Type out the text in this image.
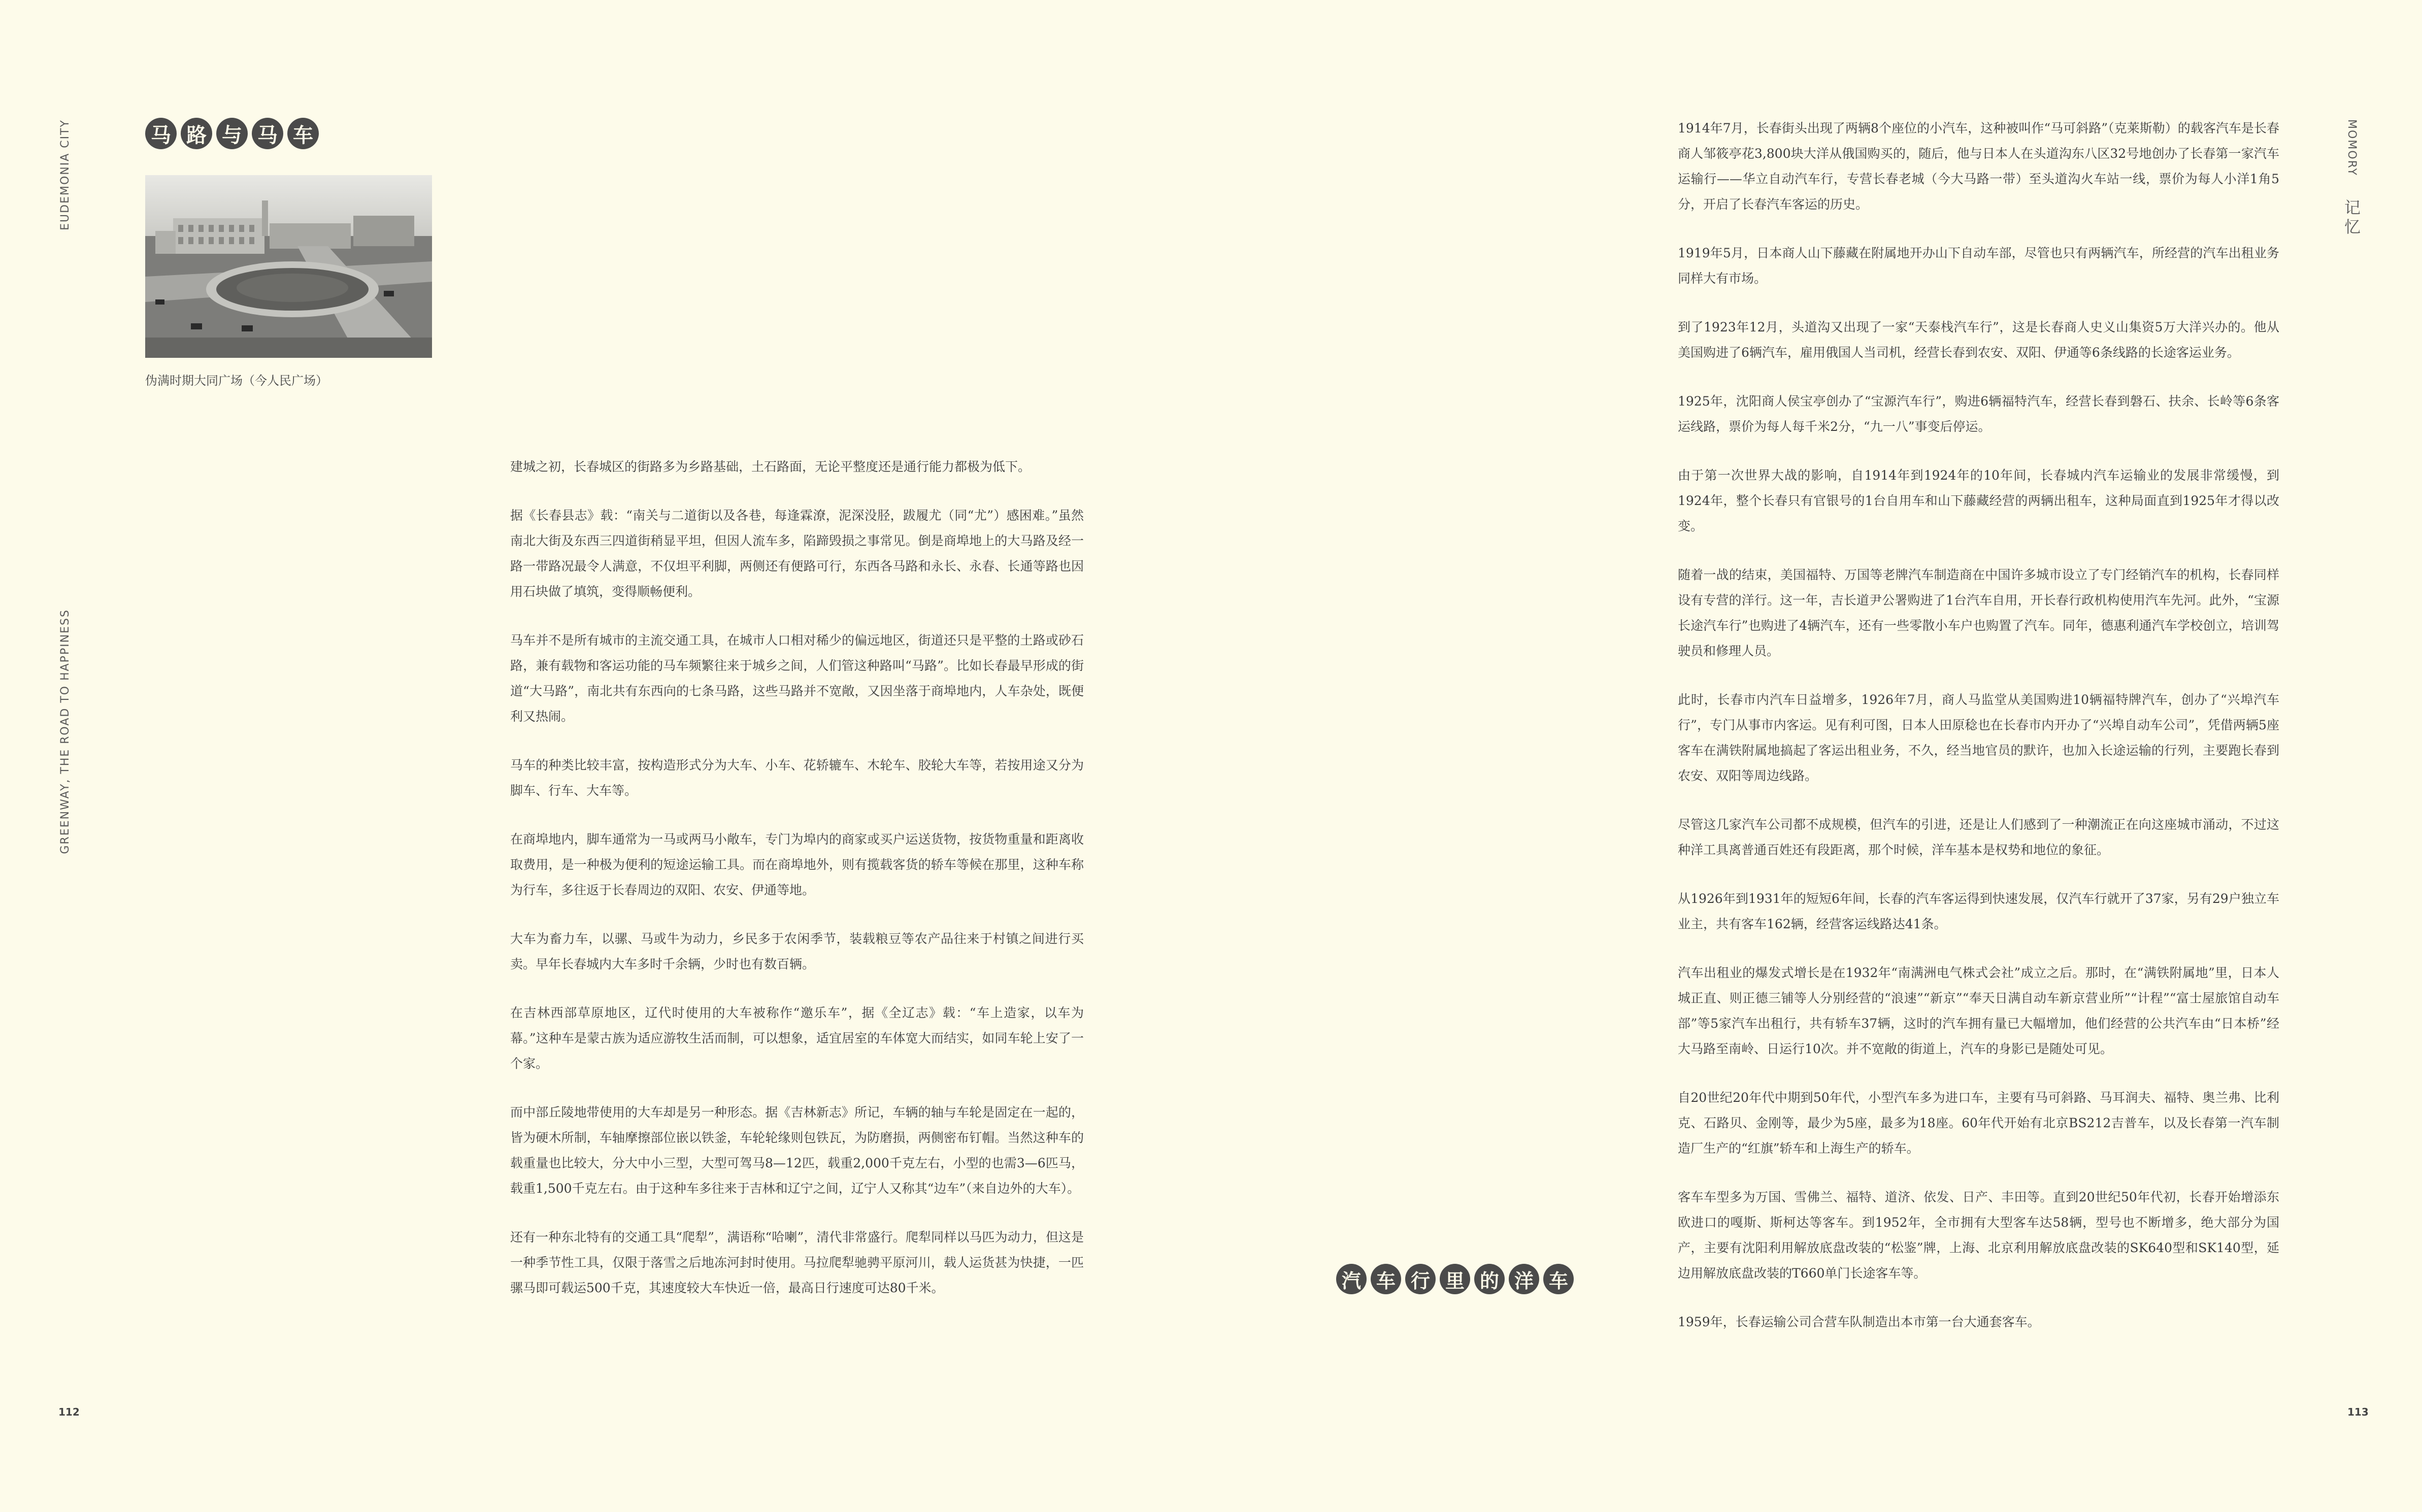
EUDEMONIA CITY
GREENWAY, THE ROAD TO HAPPINESS
MOMORY
记忆
112	113
马 路 与 马 车
伪满时期大同广场（今人民广场）

建城之初，长春城区的街路多为乡路基础，土石路面，无论平整度还是通行能力都极为低下。

据《长春县志》载：“南关与二道街以及各巷，每逢霖潦，泥深没胫，跋履尤（同“尤”）感困难。”虽然南北大街及东西三四道街稍显平坦，但因人流车多，陷蹄毁损之事常见。倒是商埠地上的大马路及经一路一带路况最令人满意，不仅坦平利脚，两侧还有便路可行，东西各马路和永长、永春、长通等路也因用石块做了填筑，变得顺畅便利。

马车并不是所有城市的主流交通工具，在城市人口相对稀少的偏远地区，街道还只是平整的土路或砂石路，兼有载物和客运功能的马车频繁往来于城乡之间，人们管这种路叫“马路”。比如长春最早形成的街道“大马路”，南北共有东西向的七条马路，这些马路并不宽敞，又因坐落于商埠地内，人车杂处，既便利又热闹。

马车的种类比较丰富，按构造形式分为大车、小车、花轿辘车、木轮车、胶轮大车等，若按用途又分为脚车、行车、大车等。

在商埠地内，脚车通常为一马或两马小敞车，专门为埠内的商家或买户运送货物，按货物重量和距离收取费用，是一种极为便利的短途运输工具。而在商埠地外，则有揽载客货的轿车等候在那里，这种车称为行车，多往返于长春周边的双阳、农安、伊通等地。

大车为畜力车，以骡、马或牛为动力，乡民多于农闲季节，装载粮豆等农产品往来于村镇之间进行买卖。早年长春城内大车多时千余辆，少时也有数百辆。

在吉林西部草原地区，辽代时使用的大车被称作“邀乐车”，据《全辽志》载：“车上造家，以车为幕。”这种车是蒙古族为适应游牧生活而制，可以想象，适宜居室的车体宽大而结实，如同车轮上安了一个家。

而中部丘陵地带使用的大车却是另一种形态。据《吉林新志》所记，车辆的轴与车轮是固定在一起的，皆为硬木所制，车轴摩擦部位嵌以铁釜，车轮轮缘则包铁瓦，为防磨损，两侧密布钉帽。当然这种车的载重量也比较大，分大中小三型，大型可驾马8—12匹，载重2,000千克左右，小型的也需3—6匹马，载重1,500千克左右。由于这种车多往来于吉林和辽宁之间，辽宁人又称其“边车”（来自边外的大车）。

还有一种东北特有的交通工具“爬犁”，满语称“哈喇”，清代非常盛行。爬犁同样以马匹为动力，但这是一种季节性工具，仅限于落雪之后地冻河封时使用。马拉爬犁驰骋平原河川，载人运货甚为快捷，一匹骡马即可载运500千克，其速度较大车快近一倍，最高日行速度可达80千米。	汽 车 行 里 的 洋 车

1914年7月，长春街头出现了两辆8个座位的小汽车，这种被叫作“马可斜路”（克莱斯勒）的载客汽车是长春商人邹筱亭花3,800块大洋从俄国购买的，随后，他与日本人在头道沟东八区32号地创办了长春第一家汽车运输行——华立自动汽车行，专营长春老城（今大马路一带）至头道沟火车站一线，票价为每人小洋1角5分，开启了长春汽车客运的历史。

1919年5月，日本商人山下藤藏在附属地开办山下自动车部，尽管也只有两辆汽车，所经营的汽车出租业务同样大有市场。

到了1923年12月，头道沟又出现了一家“天泰栈汽车行”，这是长春商人史义山集资5万大洋兴办的。他从美国购进了6辆汽车，雇用俄国人当司机，经营长春到农安、双阳、伊通等6条线路的长途客运业务。

1925年，沈阳商人侯宝亭创办了“宝源汽车行”，购进6辆福特汽车，经营长春到磐石、扶余、长岭等6条客运线路，票价为每人每千米2分，“九一八”事变后停运。

由于第一次世界大战的影响，自1914年到1924年的10年间，长春城内汽车运输业的发展非常缓慢，到1924年，整个长春只有官银号的1台自用车和山下藤藏经营的两辆出租车，这种局面直到1925年才得以改变。

随着一战的结束，美国福特、万国等老牌汽车制造商在中国许多城市设立了专门经销汽车的机构，长春同样设有专营的洋行。这一年，吉长道尹公署购进了1台汽车自用，开长春行政机构使用汽车先河。此外，“宝源长途汽车行”也购进了4辆汽车，还有一些零散小车户也购置了汽车。同年，德惠利通汽车学校创立，培训驾驶员和修理人员。

此时，长春市内汽车日益增多，1926年7月，商人马监堂从美国购进10辆福特牌汽车，创办了“兴埠汽车行”，专门从事市内客运。见有利可图，日本人田原稔也在长春市内开办了“兴埠自动车公司”，凭借两辆5座客车在满铁附属地搞起了客运出租业务，不久，经当地官员的默许，也加入长途运输的行列，主要跑长春到农安、双阳等周边线路。

尽管这几家汽车公司都不成规模，但汽车的引进，还是让人们感到了一种潮流正在向这座城市涌动，不过这种洋工具离普通百姓还有段距离，那个时候，洋车基本是权势和地位的象征。

从1926年到1931年的短短6年间，长春的汽车客运得到快速发展，仅汽车行就开了37家，另有29户独立车业主，共有客车162辆，经营客运线路达41条。

汽车出租业的爆发式增长是在1932年“南满洲电气株式会社”成立之后。那时，在“满铁附属地”里，日本人城正直、则正德三铺等人分别经营的“浪速”“新京”“奉天日满自动车新京营业所”“计程”“富士屋旅馆自动车部”等5家汽车出租行，共有轿车37辆，这时的汽车拥有量已大幅增加，他们经营的公共汽车由“日本桥”经大马路至南岭、日运行10次。并不宽敞的街道上，汽车的身影已是随处可见。

自20世纪20年代中期到50年代，小型汽车多为进口车，主要有马可斜路、马耳润夫、福特、奥兰弗、比利克、石路贝、金刚等，最少为5座，最多为18座。60年代开始有北京BS212吉普车，以及长春第一汽车制造厂生产的“红旗”轿车和上海生产的轿车。

客车车型多为万国、雪佛兰、福特、道济、依发、日产、丰田等。直到20世纪50年代初，长春开始增添东欧进口的嘎斯、斯柯达等客车。到1952年，全市拥有大型客车达58辆，型号也不断增多，绝大部分为国产，主要有沈阳利用解放底盘改装的“松鉴”牌，上海、北京利用解放底盘改装的SK640型和SK140型，延边用解放底盘改装的T660单门长途客车等。

1959年，长春运输公司合营车队制造出本市第一台大通套客车。
